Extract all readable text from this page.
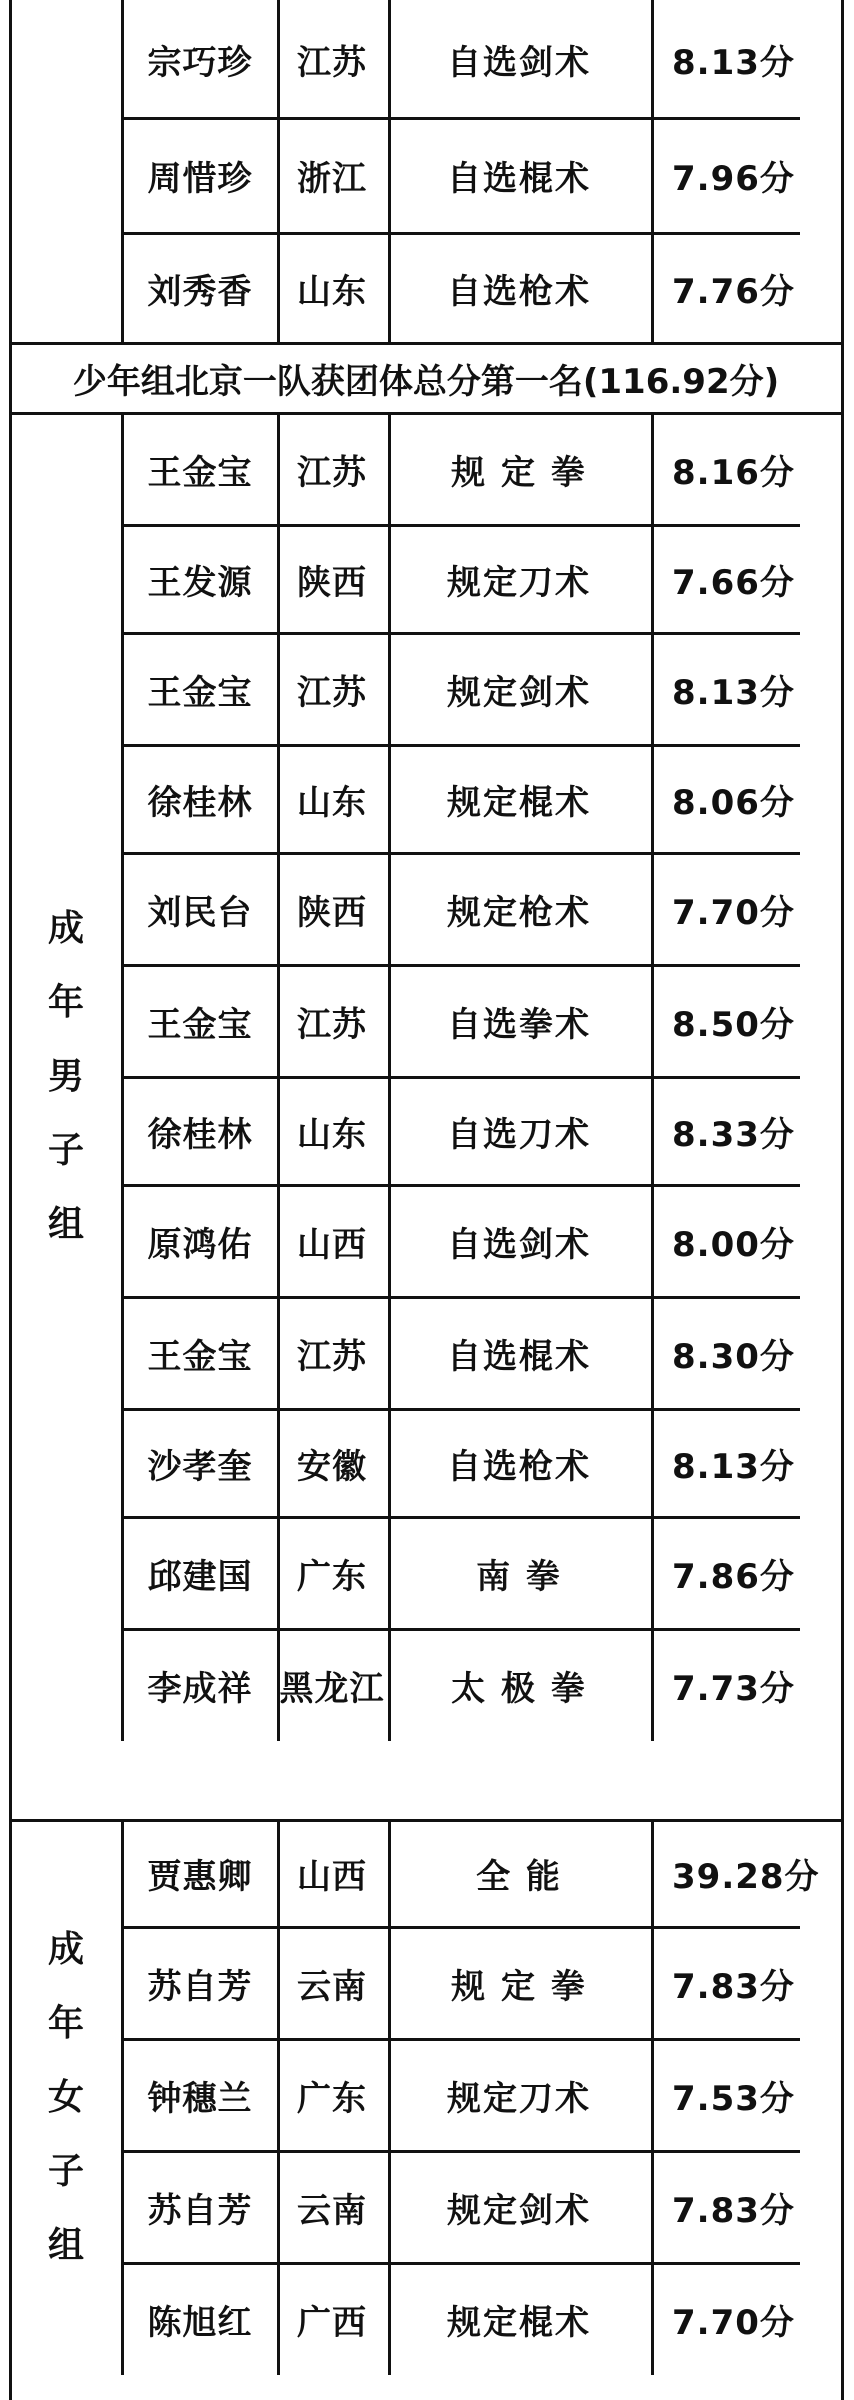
少年组北京一队获团体总分第一名(116.92分)
宗巧珍	江苏	自选剑术	8.13分
周惜珍	浙江	自选棍术	7.96分
刘秀香	山东	自选枪术	7.76分
王金宝	江苏	规 定 拳	8.16分
王发源	陕西	规定刀术	7.66分
王金宝	江苏	规定剑术	8.13分
徐桂林	山东	规定棍术	8.06分
刘民台	陕西	规定枪术	7.70分
王金宝	江苏	自选拳术	8.50分
徐桂林	山东	自选刀术	8.33分
原鸿佑	山西	自选剑术	8.00分
王金宝	江苏	自选棍术	8.30分
沙孝奎	安徽	自选枪术	8.13分
邱建国	广东	南 拳	7.86分
李成祥 黑龙江	太 极 拳	7.73分
成
年
男
子
组
贾惠卿	山西	全 能	39.28分
苏自芳	云南	规 定 拳	7.83分
钟穗兰	广东	规定刀术	7.53分
苏自芳	云南	规定剑术	7.83分
陈旭红	广西	规定棍术	7.70分
成
年
女
子
组
